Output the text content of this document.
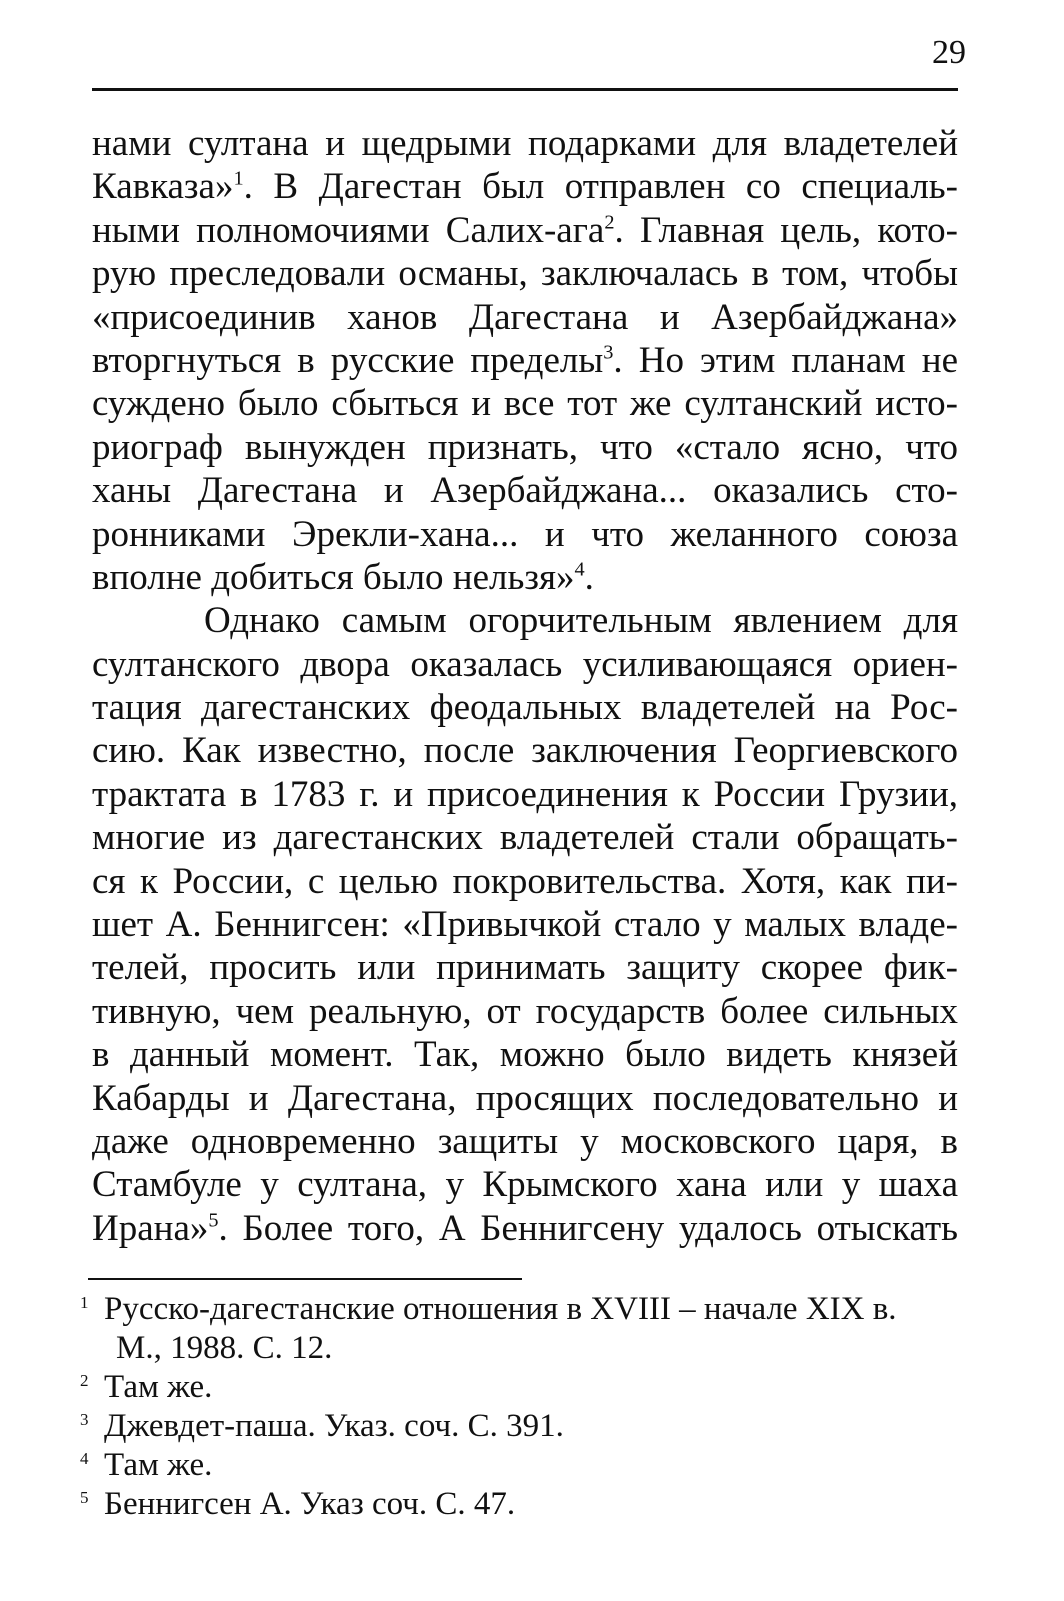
29
нами султана и щедрыми подарками для владетелей
Кавказа»$^1$. В Дагестан был отправлен со специаль-
ными полномочиями Салих-ага$^2$. Главная цель, кото-
рую преследовали османы, заключалась в том, чтобы
«присоединив ханов Дагестана и Азербайджана»
вторгнуться в русские пределы$^3$. Но этим планам не
суждено было сбыться и все тот же султанский исто-
риограф вынужден признать, что «стало ясно, что
ханы Дагестана и Азербайджана... оказались сто-
ронниками Эрекли-хана... и что желанного союза
вполне добиться было нельзя»$^4$.
Однако самым огорчительным явлением для
султанского двора оказалась усиливающаяся ориен-
тация дагестанских феодальных владетелей на Рос-
сию. Как известно, после заключения Георгиевского
трактата в 1783 г. и присоединения к России Грузии,
многие из дагестанских владетелей стали обращать-
ся к России, с целью покровительства. Хотя, как пи-
шет А. Беннигсен: «Привычкой стало у малых владе-
телей, просить или принимать защиту скорее фик-
тивную, чем реальную, от государств более сильных
в данный момент. Так, можно было видеть князей
Кабарды и Дагестана, просящих последовательно и
даже одновременно защиты у московского царя, в
Стамбуле у султана, у Крымского хана или у шаха
Ирана»$^5$. Более того, А Беннигсену удалось отыскать
1 Русско-дагестанские отношения в XVIII – начале XIX в.
М., 1988. С. 12.
2 Там же.
3 Джевдет-паша. Указ. соч. С. 391.
4 Там же.
5 Беннигсен А. Указ соч. С. 47.
